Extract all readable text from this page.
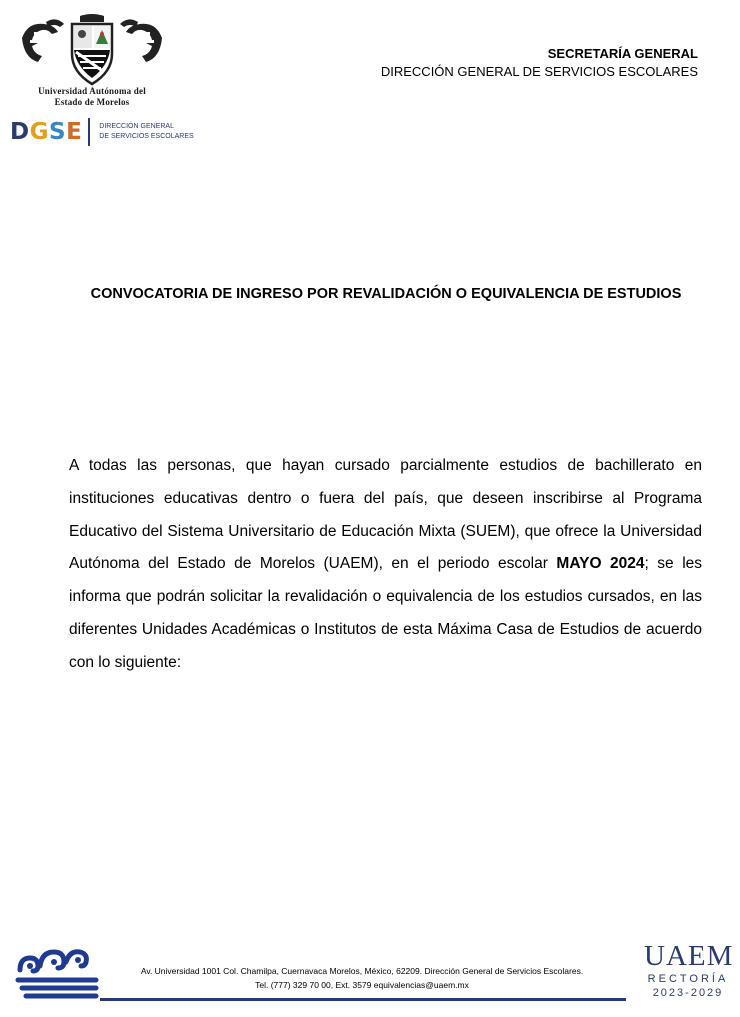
Universidad Autónoma del
Estado de Morelos
DGSE DIRECCIÓN GENERAL
DE SERVICIOS ESCOLARES
SECRETARÍA GENERAL
DIRECCIÓN GENERAL DE SERVICIOS ESCOLARES
CONVOCATORIA DE INGRESO POR REVALIDACIÓN O EQUIVALENCIA DE ESTUDIOS
A todas las personas, que hayan cursado parcialmente estudios de bachillerato en instituciones educativas dentro o fuera del país, que deseen inscribirse al Programa Educativo del Sistema Universitario de Educación Mixta (SUEM), que ofrece la Universidad Autónoma del Estado de Morelos (UAEM), en el periodo escolar MAYO 2024; se les informa que podrán solicitar la revalidación o equivalencia de los estudios cursados, en las diferentes Unidades Académicas o Institutos de esta Máxima Casa de Estudios de acuerdo con lo siguiente:
Av. Universidad 1001 Col. Chamilpa, Cuernavaca Morelos, México, 62209. Dirección General de Servicios Escolares.
Tel. (777) 329 70 00, Ext. 3579 equivalencias@uaem.mx
UAEM
RECTORÍA
2023-2029
